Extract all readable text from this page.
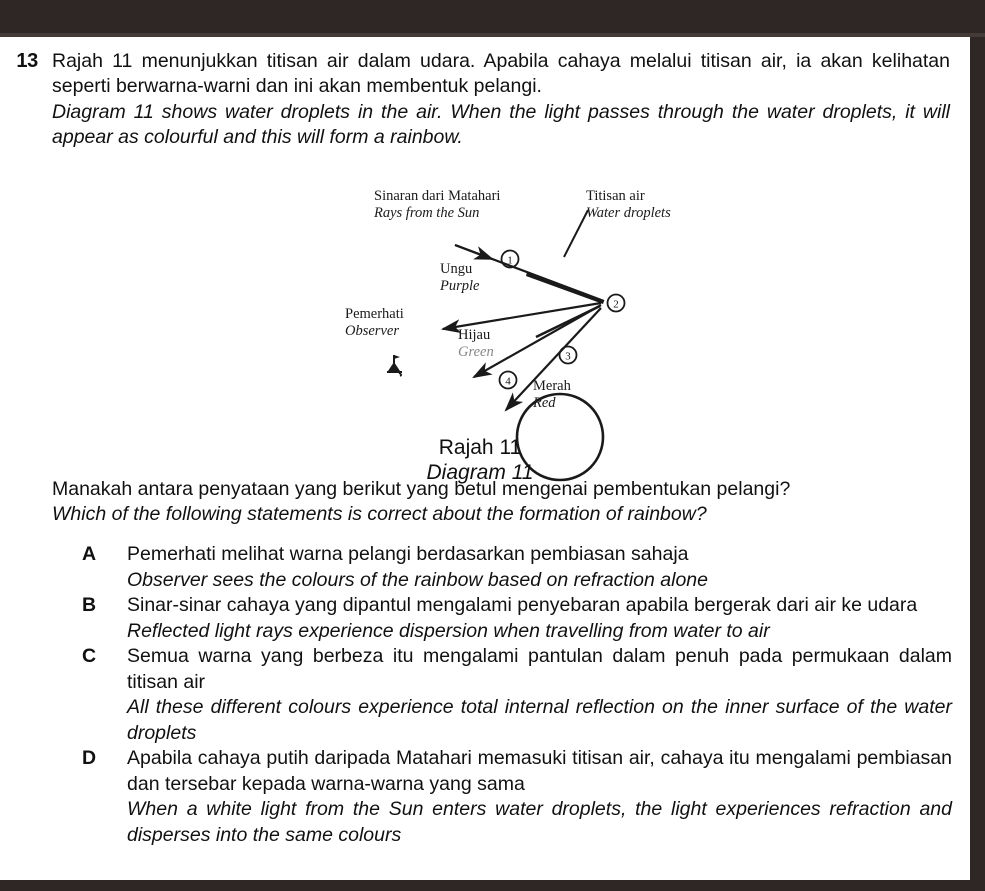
13 Rajah 11 menunjukkan titisan air dalam udara. Apabila cahaya melalui titisan air, ia akan kelihatan seperti berwarna-warni dan ini akan membentuk pelangi.

Diagram 11 shows water droplets in the air. When the light passes through the water droplets, it will appear as colourful and this will form a rainbow.

1
2
3
4
Sinaran dari Matahari
Rays from the Sun
Titisan air
Water droplets
Ungu
Purple
Hijau
Green
Merah
Red
Pemerhati
Observer
Rajah 11
Diagram 11
Manakah antara penyataan yang berikut yang betul mengenai pembentukan pelangi?
Which of the following statements is correct about the formation of rainbow?
A Pemerhati melihat warna pelangi berdasarkan pembiasan sahaja
Observer sees the colours of the rainbow based on refraction alone
B Sinar-sinar cahaya yang dipantul mengalami penyebaran apabila bergerak dari air ke udara
Reflected light rays experience dispersion when travelling from water to air
C Semua warna yang berbeza itu mengalami pantulan dalam penuh pada permukaan dalam titisan air
All these different colours experience total internal reflection on the inner surface of the water droplets
D Apabila cahaya putih daripada Matahari memasuki titisan air, cahaya itu mengalami pembiasan dan tersebar kepada warna-warna yang sama
When a white light from the Sun enters water droplets, the light experiences refraction and disperses into the same colours
